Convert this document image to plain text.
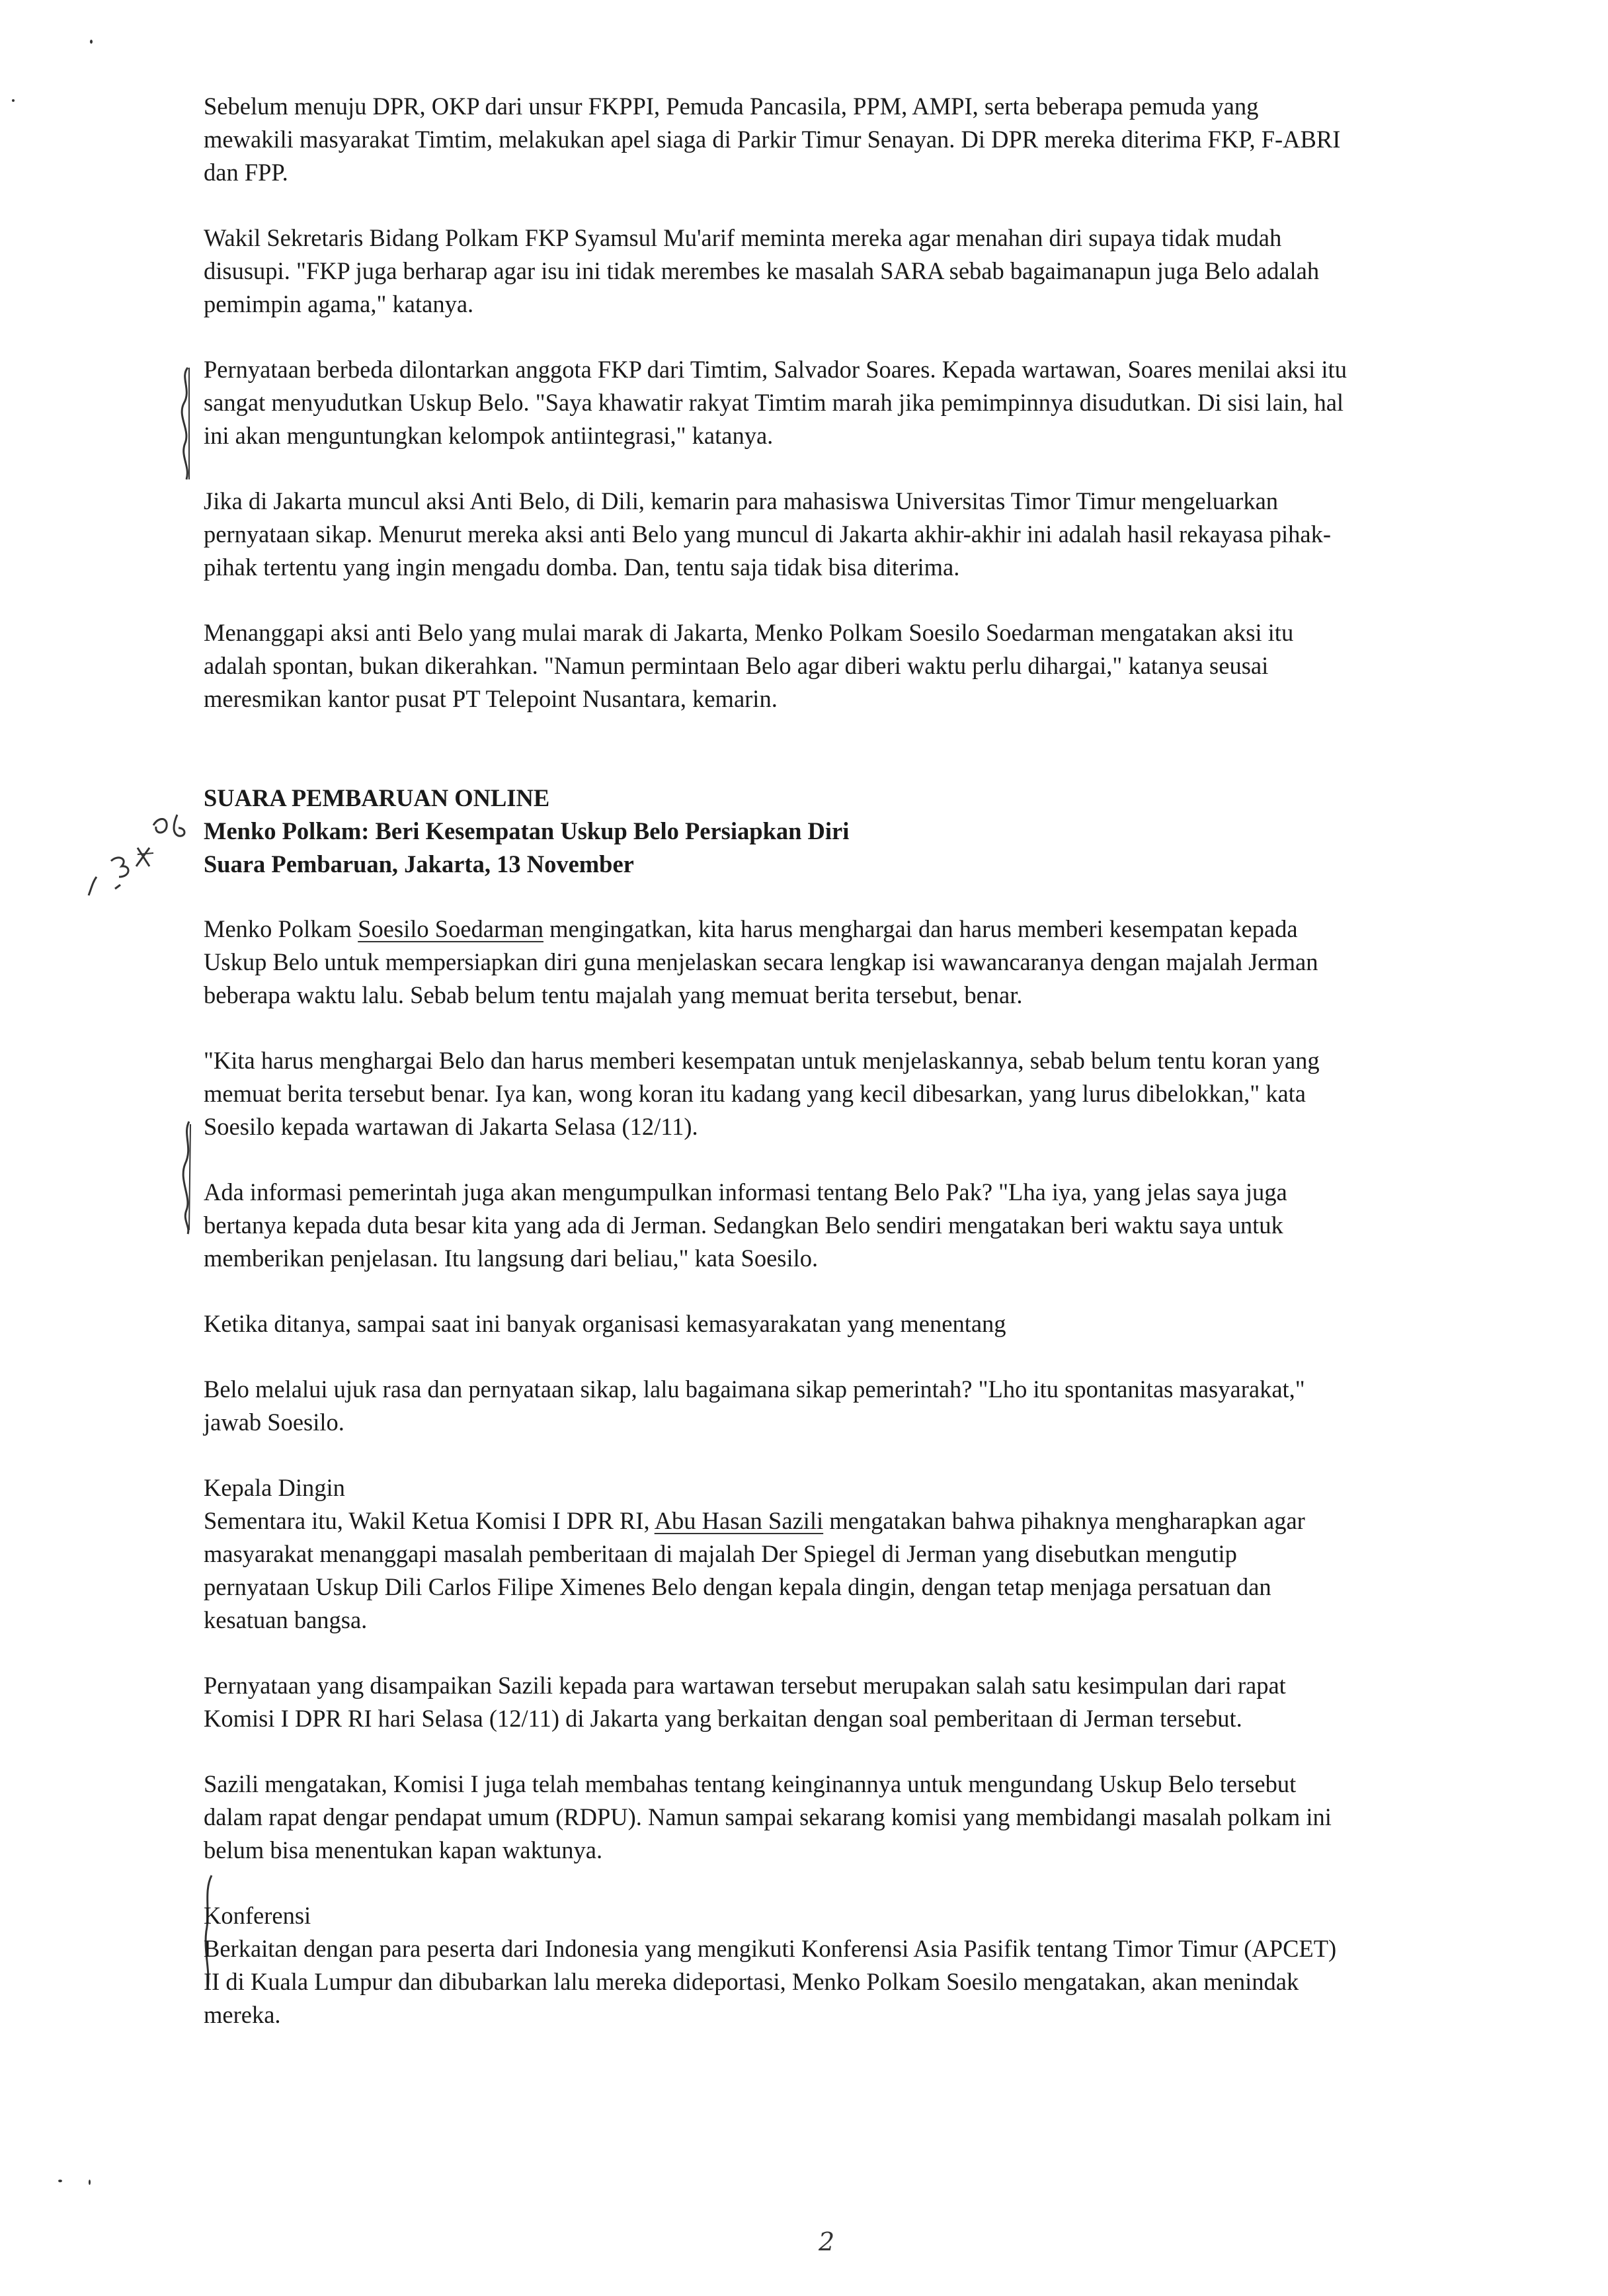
Sebelum menuju DPR, OKP dari unsur FKPPI, Pemuda Pancasila, PPM, AMPI, serta beberapa pemuda yang mewakili masyarakat Timtim, melakukan apel siaga di Parkir Timur Senayan. Di DPR mereka diterima FKP, F-ABRI dan FPP.

Wakil Sekretaris Bidang Polkam FKP Syamsul Mu'arif meminta mereka agar menahan diri supaya tidak mudah disusupi. "FKP juga berharap agar isu ini tidak merembes ke masalah SARA sebab bagaimanapun juga Belo adalah pemimpin agama," katanya.

Pernyataan berbeda dilontarkan anggota FKP dari Timtim, Salvador Soares. Kepada wartawan, Soares menilai aksi itu sangat menyudutkan Uskup Belo. "Saya khawatir rakyat Timtim marah jika pemimpinnya disudutkan. Di sisi lain, hal ini akan menguntungkan kelompok antiintegrasi," katanya.

Jika di Jakarta muncul aksi Anti Belo, di Dili, kemarin para mahasiswa Universitas Timor Timur mengeluarkan pernyataan sikap. Menurut mereka aksi anti Belo yang muncul di Jakarta akhir-akhir ini adalah hasil rekayasa pihak-pihak tertentu yang ingin mengadu domba. Dan, tentu saja tidak bisa diterima.

Menanggapi aksi anti Belo yang mulai marak di Jakarta, Menko Polkam Soesilo Soedarman mengatakan aksi itu adalah spontan, bukan dikerahkan. "Namun permintaan Belo agar diberi waktu perlu dihargai," katanya seusai meresmikan kantor pusat PT Telepoint Nusantara, kemarin.

SUARA PEMBARUAN ONLINE

Menko Polkam: Beri Kesempatan Uskup Belo Persiapkan Diri

Suara Pembaruan, Jakarta, 13 November

Menko Polkam Soesilo Soedarman mengingatkan, kita harus menghargai dan harus memberi kesempatan kepada Uskup Belo untuk mempersiapkan diri guna menjelaskan secara lengkap isi wawancaranya dengan majalah Jerman beberapa waktu lalu. Sebab belum tentu majalah yang memuat berita tersebut, benar.

"Kita harus menghargai Belo dan harus memberi kesempatan untuk menjelaskannya, sebab belum tentu koran yang memuat berita tersebut benar. Iya kan, wong koran itu kadang yang kecil dibesarkan, yang lurus dibelokkan," kata Soesilo kepada wartawan di Jakarta Selasa (12/11).

Ada informasi pemerintah juga akan mengumpulkan informasi tentang Belo Pak? "Lha iya, yang jelas saya juga bertanya kepada duta besar kita yang ada di Jerman. Sedangkan Belo sendiri mengatakan beri waktu saya untuk memberikan penjelasan. Itu langsung dari beliau," kata Soesilo.

Ketika ditanya, sampai saat ini banyak organisasi kemasyarakatan yang menentang

Belo melalui ujuk rasa dan pernyataan sikap, lalu bagaimana sikap pemerintah? "Lho itu spontanitas masyarakat," jawab Soesilo.

Kepala Dingin

Sementara itu, Wakil Ketua Komisi I DPR RI, Abu Hasan Sazili mengatakan bahwa pihaknya mengharapkan agar masyarakat menanggapi masalah pemberitaan di majalah Der Spiegel di Jerman yang disebutkan mengutip pernyataan Uskup Dili Carlos Filipe Ximenes Belo dengan kepala dingin, dengan tetap menjaga persatuan dan kesatuan bangsa.

Pernyataan yang disampaikan Sazili kepada para wartawan tersebut merupakan salah satu kesimpulan dari rapat Komisi I DPR RI hari Selasa (12/11) di Jakarta yang berkaitan dengan soal pemberitaan di Jerman tersebut.

Sazili mengatakan, Komisi I juga telah membahas tentang keinginannya untuk mengundang Uskup Belo tersebut dalam rapat dengar pendapat umum (RDPU). Namun sampai sekarang komisi yang membidangi masalah polkam ini belum bisa menentukan kapan waktunya.

Konferensi

Berkaitan dengan para peserta dari Indonesia yang mengikuti Konferensi Asia Pasifik tentang Timor Timur (APCET) II di Kuala Lumpur dan dibubarkan lalu mereka dideportasi, Menko Polkam Soesilo mengatakan, akan menindak mereka.

2
